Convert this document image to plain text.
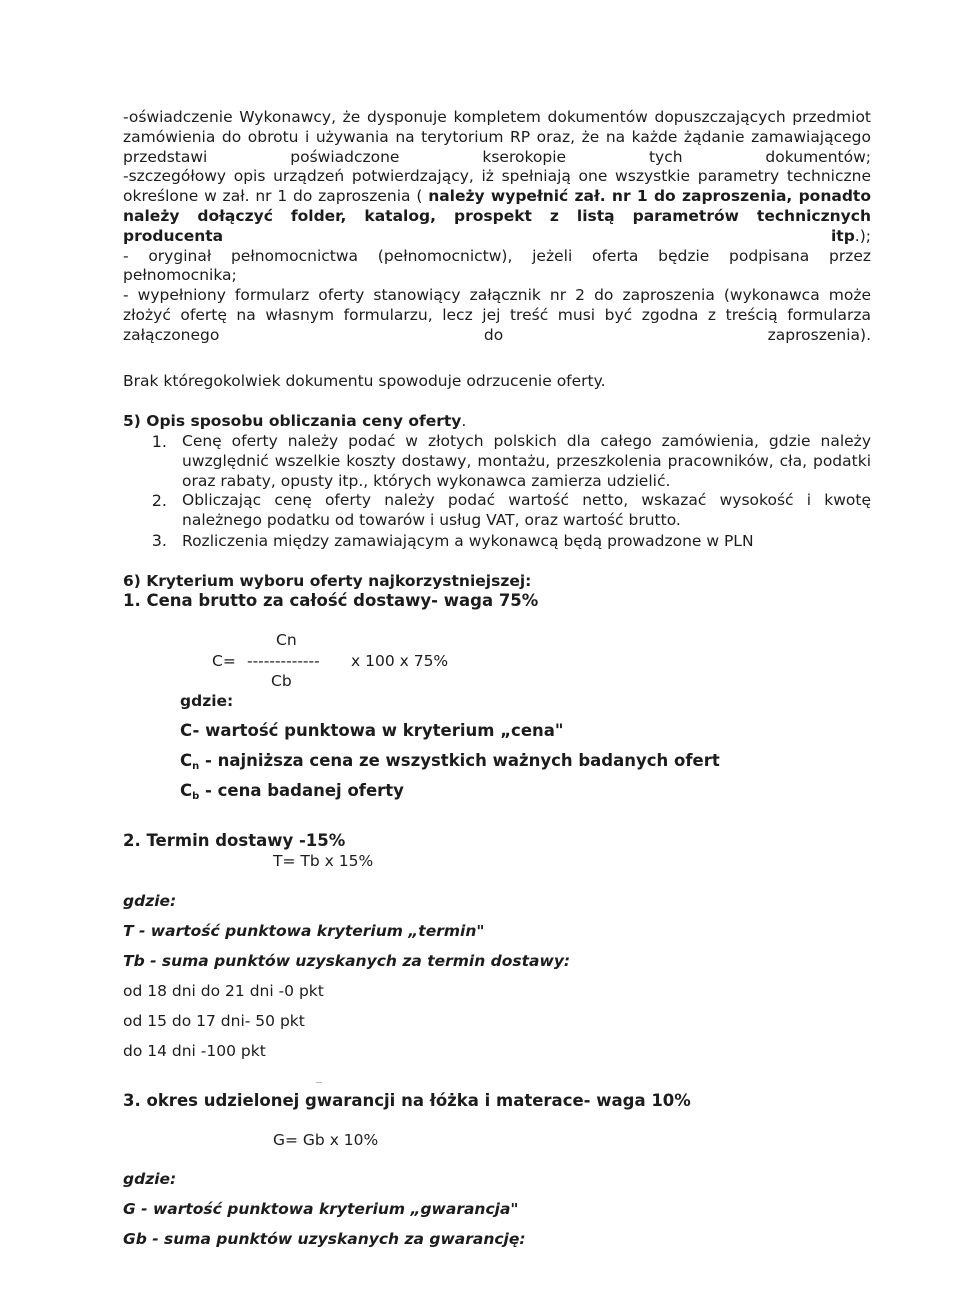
-oświadczenie Wykonawcy, że dysponuje kompletem dokumentów dopuszczających przedmiot zamówienia do obrotu i używania na terytorium RP oraz, że na każde żądanie zamawiającego przedstawi poświadczone kserokopie tych dokumentów;
-szczegółowy opis urządzeń potwierdzający, iż spełniają one wszystkie parametry techniczne określone w zał. nr 1 do zaproszenia ( należy wypełnić zał. nr 1 do zaproszenia, ponadto należy dołączyć folder, katalog, prospekt z listą parametrów technicznych producenta itp.);
- oryginał pełnomocnictwa (pełnomocnictw), jeżeli oferta będzie podpisana przez pełnomocnika;
- wypełniony formularz oferty stanowiący załącznik nr 2 do zaproszenia (wykonawca może złożyć ofertę na własnym formularzu, lecz jej treść musi być zgodna z treścią formularza załączonego do zaproszenia).
Brak któregokolwiek dokumentu spowoduje odrzucenie oferty.
5) Opis sposobu obliczania ceny oferty.
1. Cenę oferty należy podać w złotych polskich dla całego zamówienia, gdzie należy uwzględnić wszelkie koszty dostawy, montażu, przeszkolenia pracowników, cła, podatki oraz rabaty, opusty itp., których wykonawca zamierza udzielić.
2. Obliczając cenę oferty należy podać wartość netto, wskazać wysokość i kwotę należnego podatku od towarów i usług VAT, oraz wartość brutto.
3. Rozliczenia między zamawiającym a wykonawcą będą prowadzone w PLN
6) Kryterium wyboru oferty najkorzystniejszej:
1. Cena brutto za całość dostawy- waga 75%
Cn
C= ------------- x 100 x 75%
Cb
gdzie:
C- wartość punktowa w kryterium „cena"
$C_n$ - najniższa cena ze wszystkich ważnych badanych ofert
$C_b$ - cena badanej oferty
2. Termin dostawy -15%
T= Tb x 15%
gdzie:
T - wartość punktowa kryterium „termin"
Tb - suma punktów uzyskanych za termin dostawy:
od 18 dni do 21 dni -0 pkt
od 15 do 17 dni- 50 pkt
do 14 dni -100 pkt
3. okres udzielonej gwarancji na łóżka i materace- waga 10%
G= Gb x 10%
gdzie:
G - wartość punktowa kryterium „gwarancja"
Gb - suma punktów uzyskanych za gwarancję:
